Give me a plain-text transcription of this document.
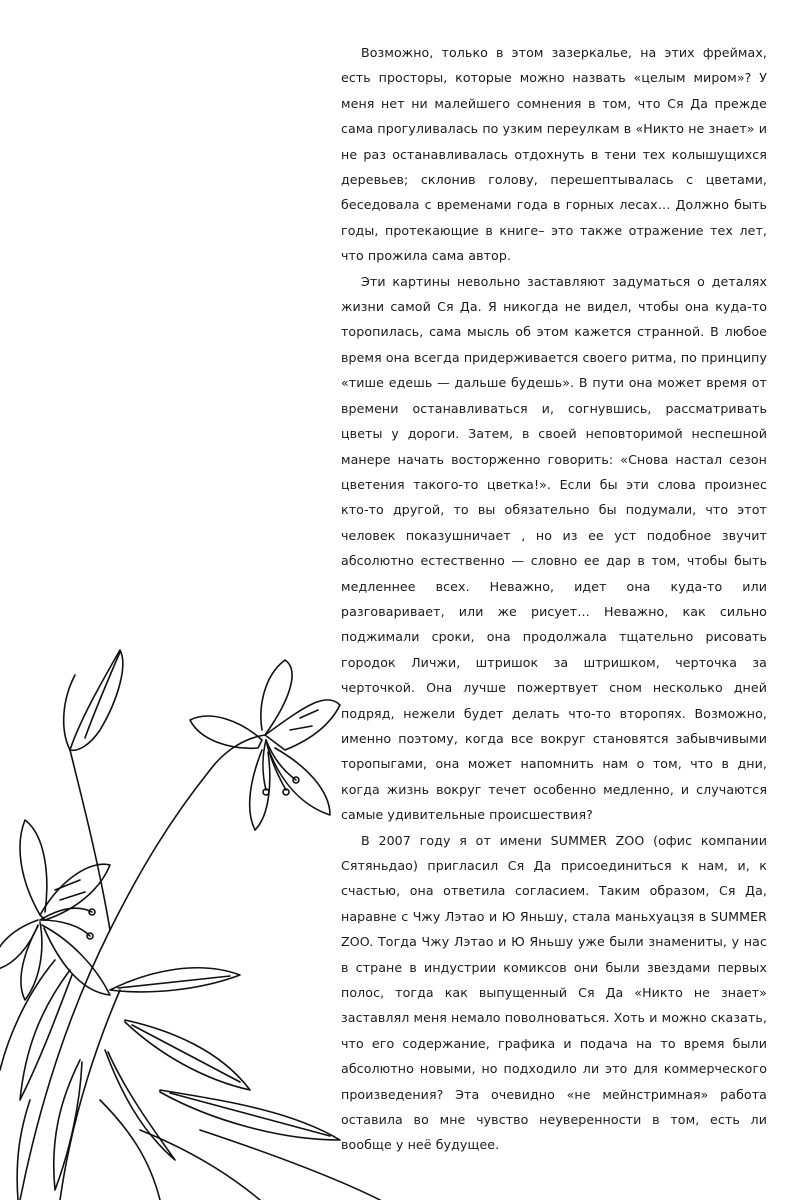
Возможно, только в этом зазеркалье, на этих фреймах, есть просторы, которые можно назвать «целым миром»? У меня нет ни малейшего сомнения в том, что Ся Да прежде сама прогуливалась по узким переулкам в «Никто не знает» и не раз останавливалась отдохнуть в тени тех колышущихся деревьев; склонив голову, перешептывалась с цветами, беседовала с временами года в горных лесах… Должно быть годы, протекающие в книге– это также отражение тех лет, что прожила сама автор.

Эти картины невольно заставляют задуматься о деталях жизни самой Ся Да. Я никогда не видел, чтобы она куда-то торопилась, сама мысль об этом кажется странной. В любое время она всегда придерживается своего ритма, по принципу «тише едешь — дальше будешь». В пути она может время от времени останавливаться и, согнувшись, рассматривать цветы у дороги. Затем, в своей неповторимой неспешной манере начать восторженно говорить: «Снова настал сезон цветения такого-то цветка!». Если бы эти слова произнес кто-то другой, то вы обязательно бы подумали, что этот человек показушничает , но из ее уст подобное звучит абсолютно естественно — словно ее дар в том, чтобы быть медленнее всех. Неважно, идет она куда-то или разговаривает, или же рисует… Неважно, как сильно поджимали сроки, она продолжала тщательно рисовать городок Личжи, штришок за штришком, черточка за черточкой. Она лучше пожертвует сном несколько дней подряд, нежели будет делать что-то второпях. Возможно, именно поэтому, когда все вокруг становятся забывчивыми торопыгами, она может напомнить нам о том, что в дни, когда жизнь вокруг течет особенно медленно, и случаются самые удивительные происшествия?

В 2007 году я от имени SUMMER ZOO (офис компании Сятяньдао) пригласил Ся Да присоединиться к нам, и, к счастью, она ответила согласием. Таким образом, Ся Да, наравне с Чжу Лэтао и Ю Яньшу, стала маньхуацзя в SUMMER ZOO. Тогда Чжу Лэтао и Ю Яньшу уже были знамениты, у нас в стране в индустрии комиксов они были звездами первых полос, тогда как выпущенный Ся Да «Никто не знает» заставлял меня немало поволноваться. Хоть и можно сказать, что его содержание, графика и подача на то время были абсолютно новыми, но подходило ли это для коммерческого произведения? Эта очевидно «не мейнстримная» работа оставила во мне чувство неуверенности в том, есть ли вообще у неё будущее.
